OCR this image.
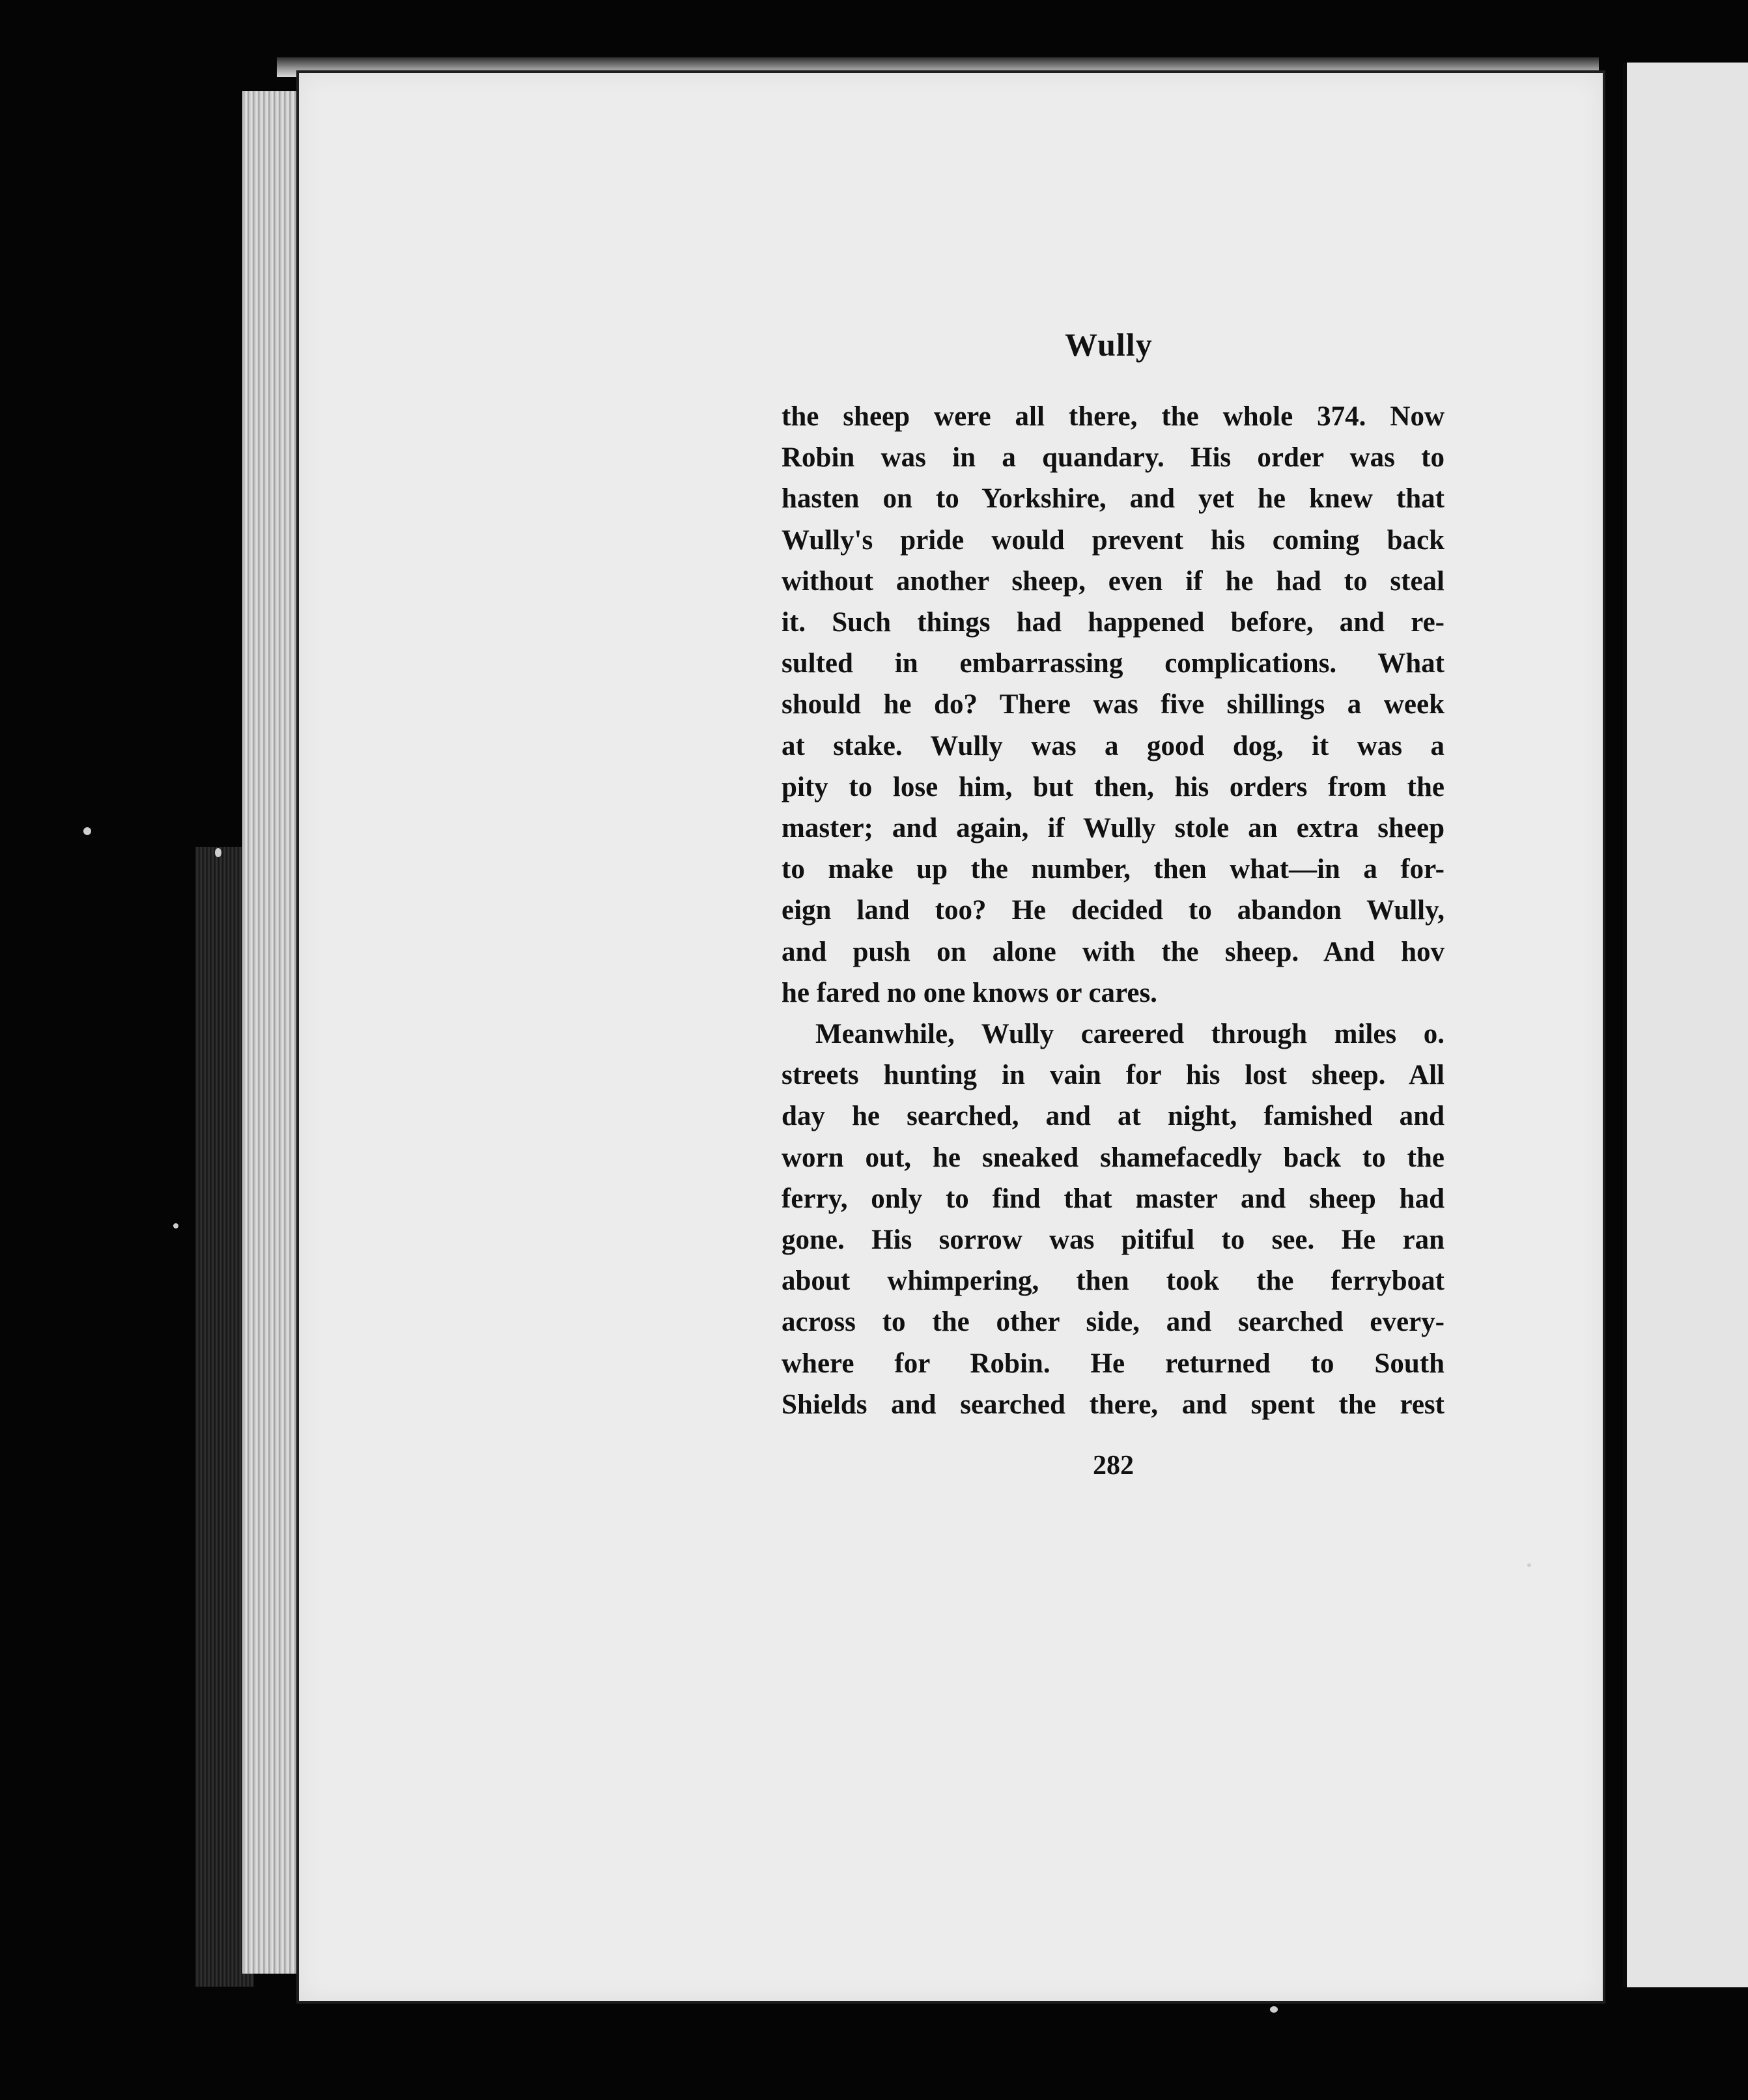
Wully
the sheep were all there, the whole 374. Now
Robin was in a quandary. His order was to
hasten on to Yorkshire, and yet he knew that
Wully's pride would prevent his coming back
without another sheep, even if he had to steal
it. Such things had happened before, and re-
sulted in embarrassing complications. What
should he do? There was five shillings a week
at stake. Wully was a good dog, it was a
pity to lose him, but then, his orders from the
master; and again, if Wully stole an extra sheep
to make up the number, then what—in a for-
eign land too? He decided to abandon Wully,
and push on alone with the sheep. And hov
he fared no one knows or cares.
Meanwhile, Wully careered through miles o.
streets hunting in vain for his lost sheep. All
day he searched, and at night, famished and
worn out, he sneaked shamefacedly back to the
ferry, only to find that master and sheep had
gone. His sorrow was pitiful to see. He ran
about whimpering, then took the ferryboat
across to the other side, and searched every-
where for Robin. He returned to South
Shields and searched there, and spent the rest
282
